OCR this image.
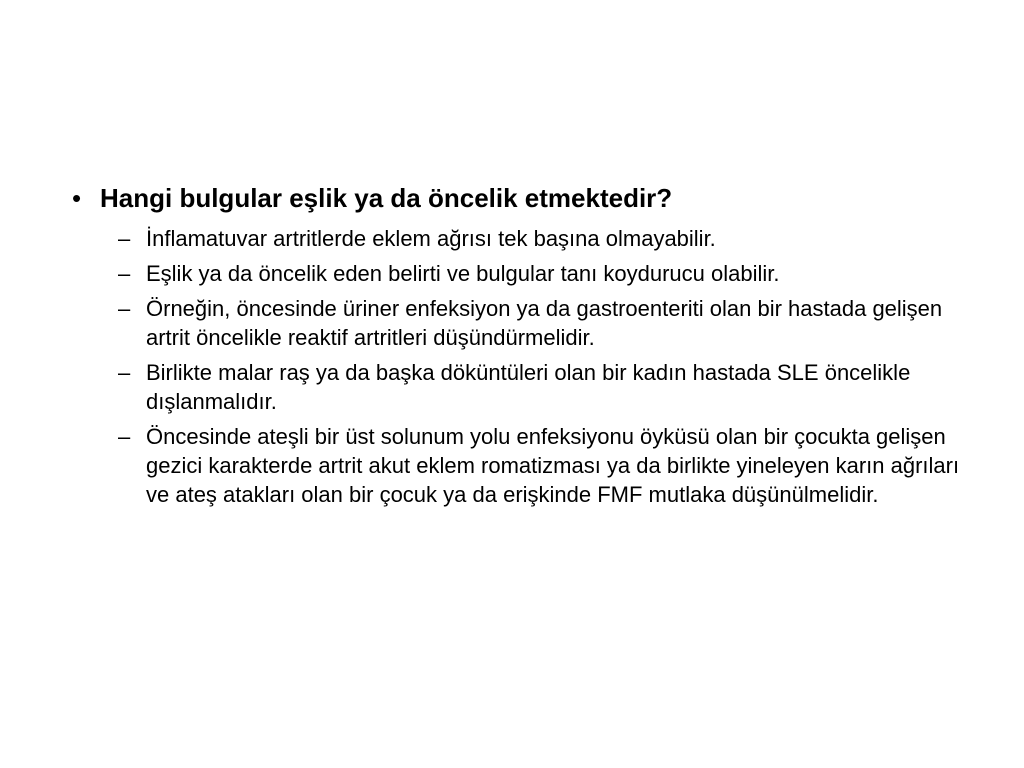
• Hangi bulgular eşlik ya da öncelik etmektedir?
– İnflamatuvar artritlerde eklem ağrısı tek başına olmayabilir.
– Eşlik ya da öncelik eden belirti ve bulgular tanı koydurucu olabilir.
– Örneğin, öncesinde üriner enfeksiyon ya da gastroenteriti olan bir hastada gelişen artrit öncelikle reaktif artritleri düşündürmelidir.
– Birlikte malar raş ya da başka döküntüleri olan bir kadın hastada SLE öncelikle dışlanmalıdır.
– Öncesinde ateşli bir üst solunum yolu enfeksiyonu öyküsü olan bir çocukta gelişen gezici karakterde artrit akut eklem romatizması ya da birlikte yineleyen karın ağrıları ve ateş atakları olan bir çocuk ya da erişkinde FMF mutlaka düşünülmelidir.
